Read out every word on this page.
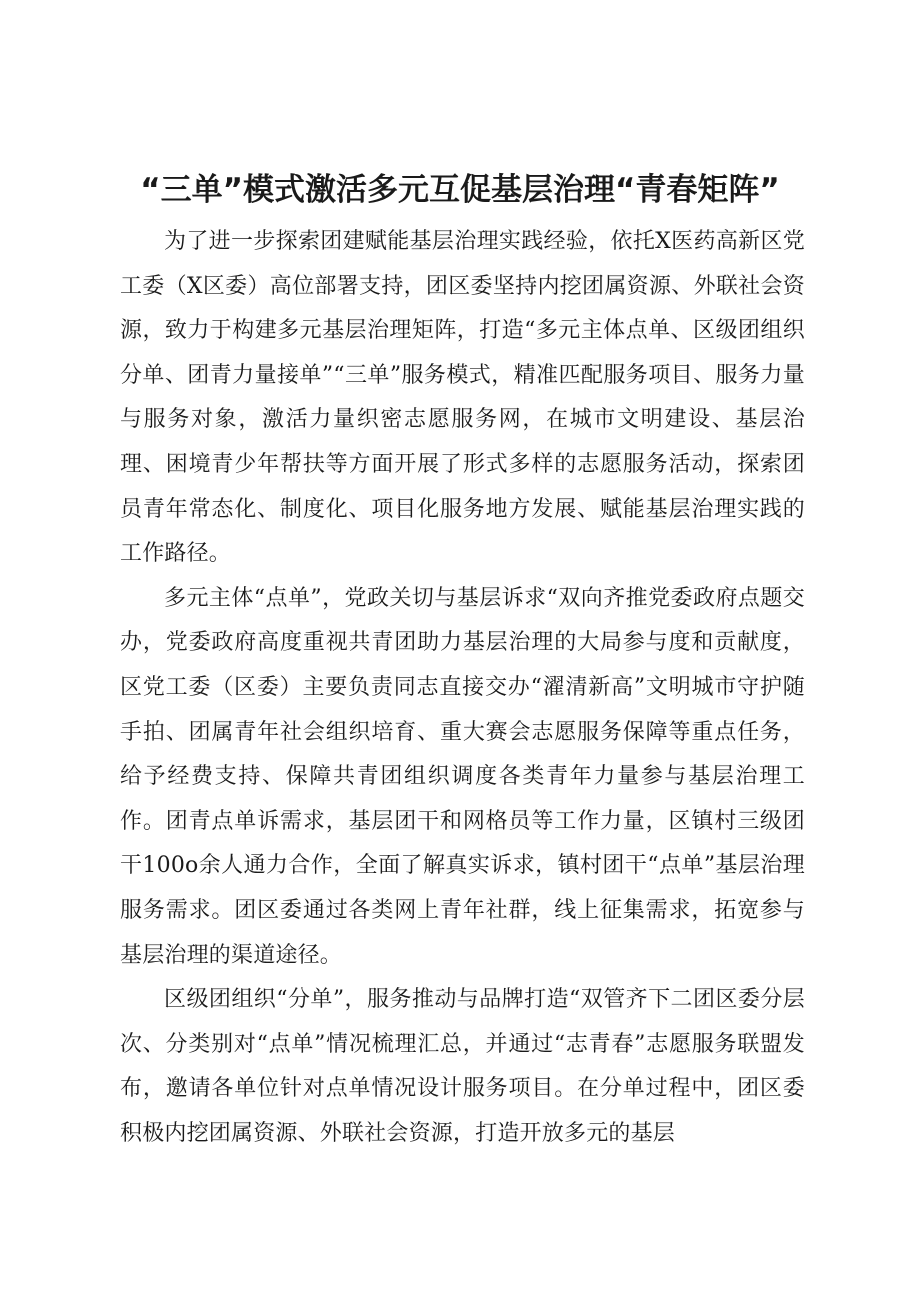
“三单”模式激活多元互促基层治理“青春矩阵”

为了进一步探索团建赋能基层治理实践经验，依托X医药高新区党工委（X区委）高位部署支持，团区委坚持内挖团属资源、外联社会资源，致力于构建多元基层治理矩阵，打造“多元主体点单、区级团组织分单、团青力量接单”“三单”服务模式，精准匹配服务项目、服务力量与服务对象，激活力量织密志愿服务网，在城市文明建设、基层治理、困境青少年帮扶等方面开展了形式多样的志愿服务活动，探索团员青年常态化、制度化、项目化服务地方发展、赋能基层治理实践的工作路径。

多元主体“点单”，党政关切与基层诉求“双向齐推党委政府点题交办，党委政府高度重视共青团助力基层治理的大局参与度和贡献度，区党工委（区委）主要负责同志直接交办“濯清新高”文明城市守护随手拍、团属青年社会组织培育、重大赛会志愿服务保障等重点任务，给予经费支持、保障共青团组织调度各类青年力量参与基层治理工作。团青点单诉需求，基层团干和网格员等工作力量，区镇村三级团干100o余人通力合作，全面了解真实诉求，镇村团干“点单”基层治理服务需求。团区委通过各类网上青年社群，线上征集需求，拓宽参与基层治理的渠道途径。

区级团组织“分单”，服务推动与品牌打造“双管齐下二团区委分层次、分类别对“点单”情况梳理汇总，并通过“志青春”志愿服务联盟发布，邀请各单位针对点单情况设计服务项目。在分单过程中，团区委积极内挖团属资源、外联社会资源，打造开放多元的基层
